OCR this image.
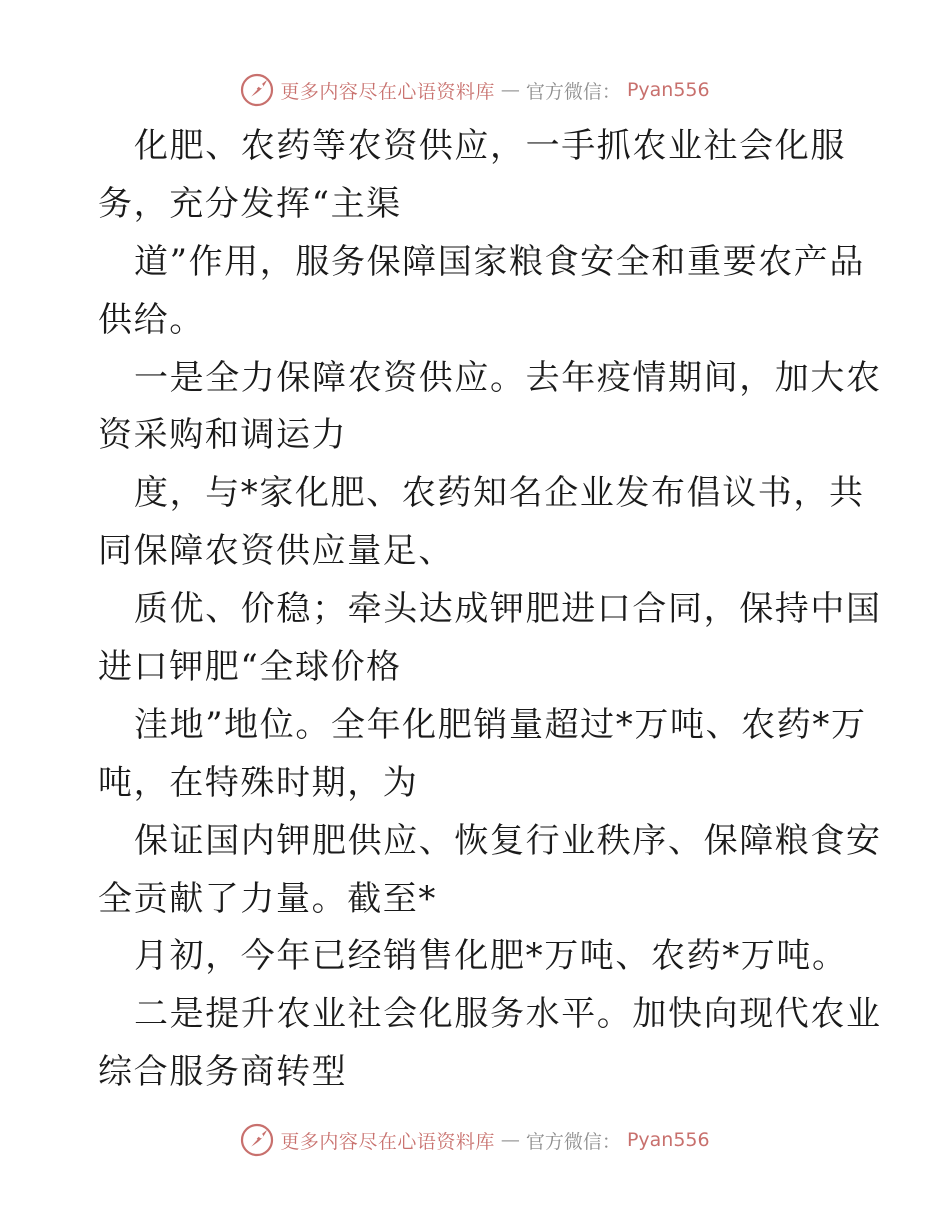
更多内容尽在心语资料库 — 官方微信： Pyan556
化肥、农药等农资供应，一手抓农业社会化服
务，充分发挥“主渠
道”作用，服务保障国家粮食安全和重要农产品
供给。
一是全力保障农资供应。去年疫情期间，加大农
资采购和调运力
度，与*家化肥、农药知名企业发布倡议书，共
同保障农资供应量足、
质优、价稳；牵头达成钾肥进口合同，保持中国
进口钾肥“全球价格
洼地”地位。全年化肥销量超过*万吨、农药*万
吨，在特殊时期，为
保证国内钾肥供应、恢复行业秩序、保障粮食安
全贡献了力量。截至*
月初，今年已经销售化肥*万吨、农药*万吨。
二是提升农业社会化服务水平。加快向现代农业
综合服务商转型
更多内容尽在心语资料库 — 官方微信： Pyan556
